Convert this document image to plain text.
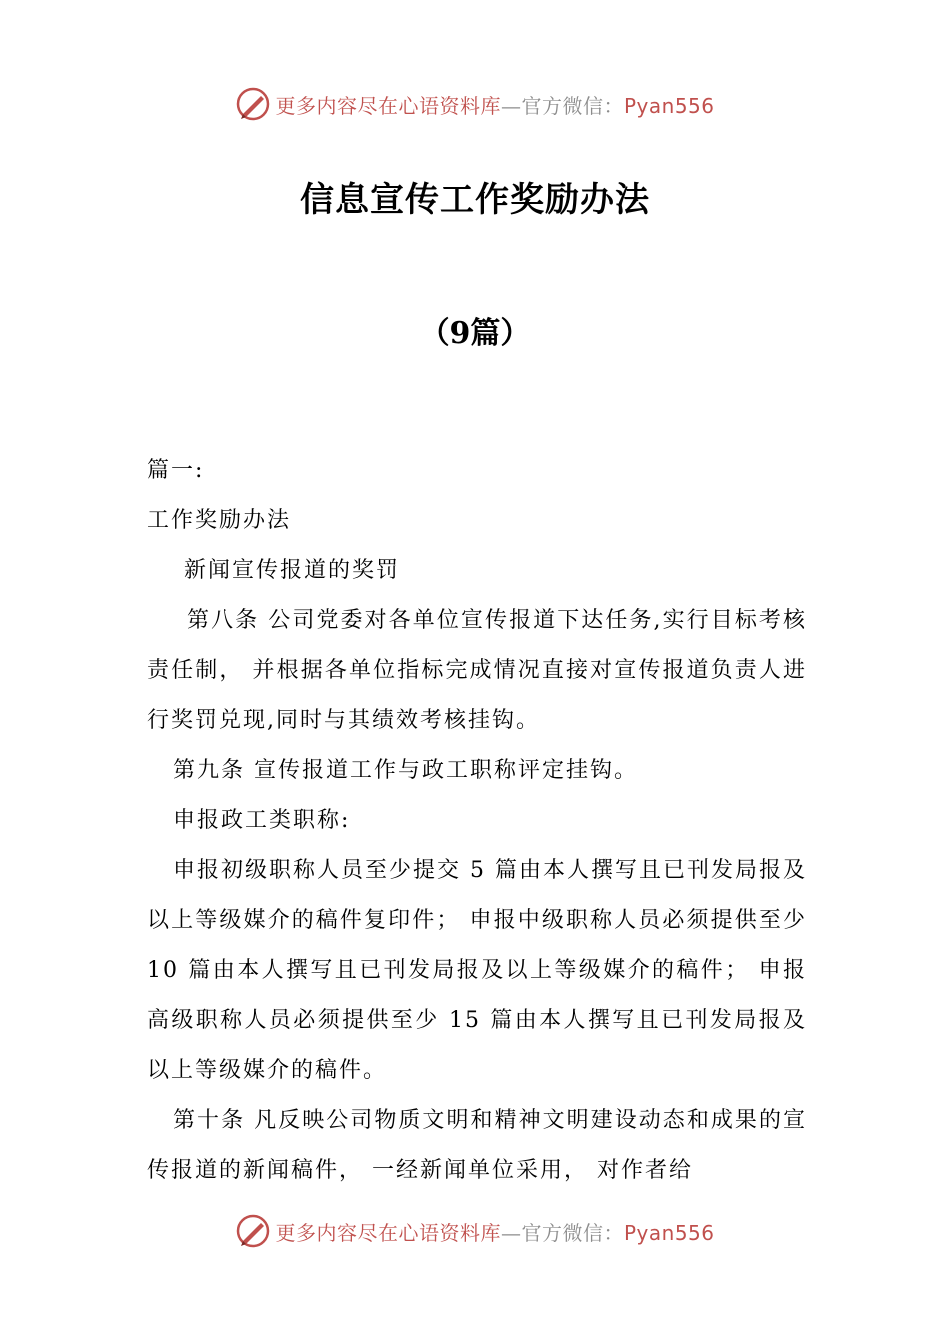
更多内容尽在心语资料库—官方微信：Pyan556
信息宣传工作奖励办法
（9篇）

篇一:

工作奖励办法

新闻宣传报道的奖罚

第八条 公司党委对各单位宣传报道下达任务,实行目标考核责任制， 并根据各单位指标完成情况直接对宣传报道负责人进行奖罚兑现,同时与其绩效考核挂钩。

第九条 宣传报道工作与政工职称评定挂钩。

申报政工类职称:

申报初级职称人员至少提交 5 篇由本人撰写且已刊发局报及以上等级媒介的稿件复印件； 申报中级职称人员必须提供至少 10 篇由本人撰写且已刊发局报及以上等级媒介的稿件； 申报高级职称人员必须提供至少 15 篇由本人撰写且已刊发局报及以上等级媒介的稿件。

第十条 凡反映公司物质文明和精神文明建设动态和成果的宣传报道的新闻稿件， 一经新闻单位采用， 对作者给

更多内容尽在心语资料库—官方微信：Pyan556
